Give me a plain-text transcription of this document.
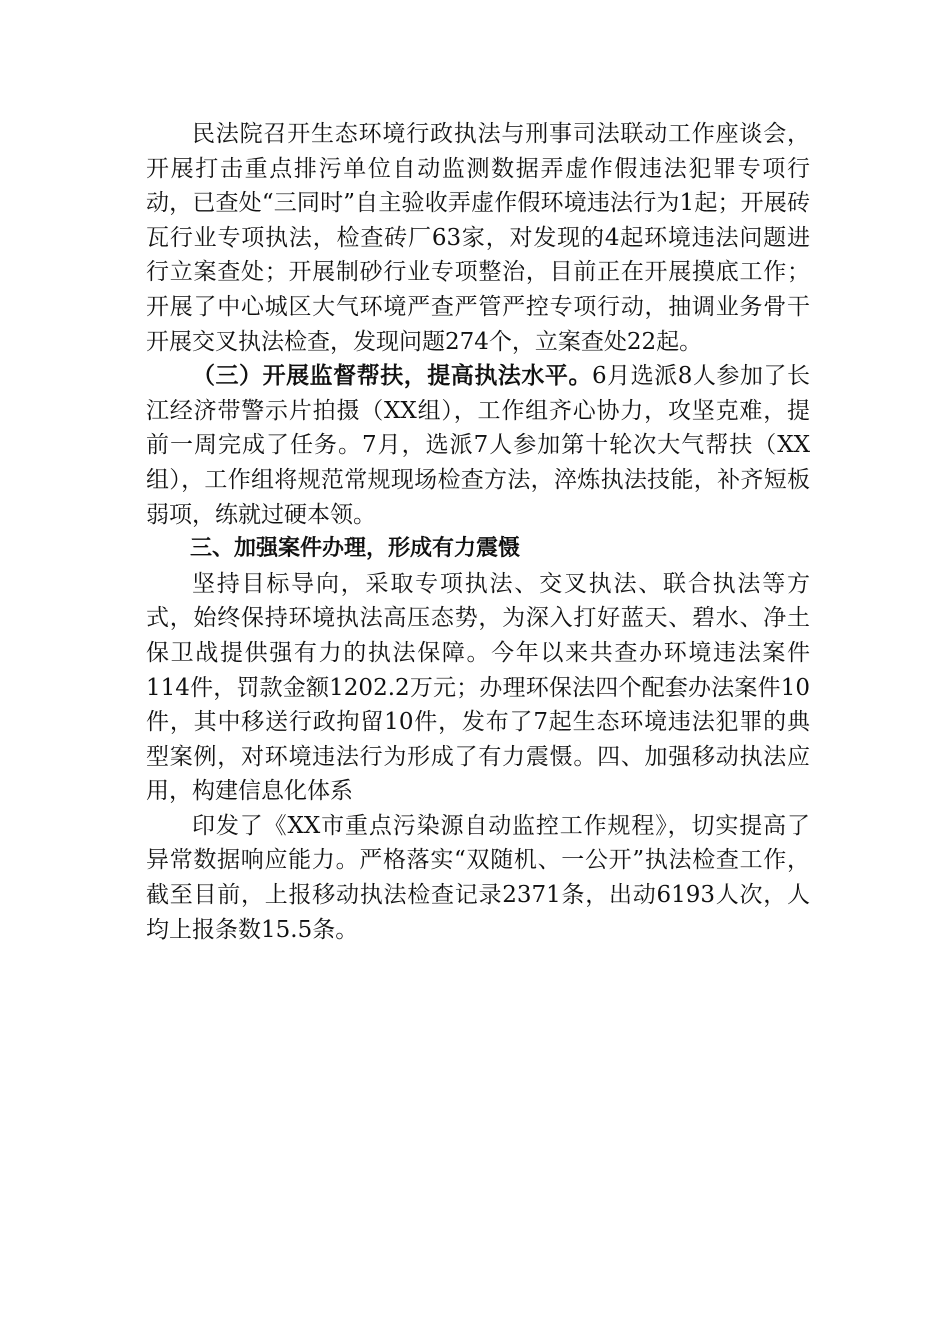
民法院召开生态环境行政执法与刑事司法联动工作座谈会，开展打击重点排污单位自动监测数据弄虚作假违法犯罪专项行动，已查处“三同时”自主验收弄虚作假环境违法行为1起；开展砖瓦行业专项执法，检查砖厂63家，对发现的4起环境违法问题进行立案查处；开展制砂行业专项整治，目前正在开展摸底工作；开展了中心城区大气环境严查严管严控专项行动，抽调业务骨干开展交叉执法检查，发现问题274个，立案查处22起。

（三）开展监督帮扶，提高执法水平。6月选派8人参加了长江经济带警示片拍摄（XX组），工作组齐心协力，攻坚克难，提前一周完成了任务。7月，选派7人参加第十轮次大气帮扶（XX组），工作组将规范常规现场检查方法，淬炼执法技能，补齐短板弱项，练就过硬本领。

三、加强案件办理，形成有力震慑

坚持目标导向，采取专项执法、交叉执法、联合执法等方式，始终保持环境执法高压态势，为深入打好蓝天、碧水、净土保卫战提供强有力的执法保障。今年以来共查办环境违法案件114件，罚款金额1202.2万元；办理环保法四个配套办法案件10件，其中移送行政拘留10件，发布了7起生态环境违法犯罪的典型案例，对环境违法行为形成了有力震慑。四、加强移动执法应用，构建信息化体系

印发了《XX市重点污染源自动监控工作规程》，切实提高了异常数据响应能力。严格落实“双随机、一公开”执法检查工作，截至目前，上报移动执法检查记录2371条，出动6193人次，人均上报条数15.5条。
